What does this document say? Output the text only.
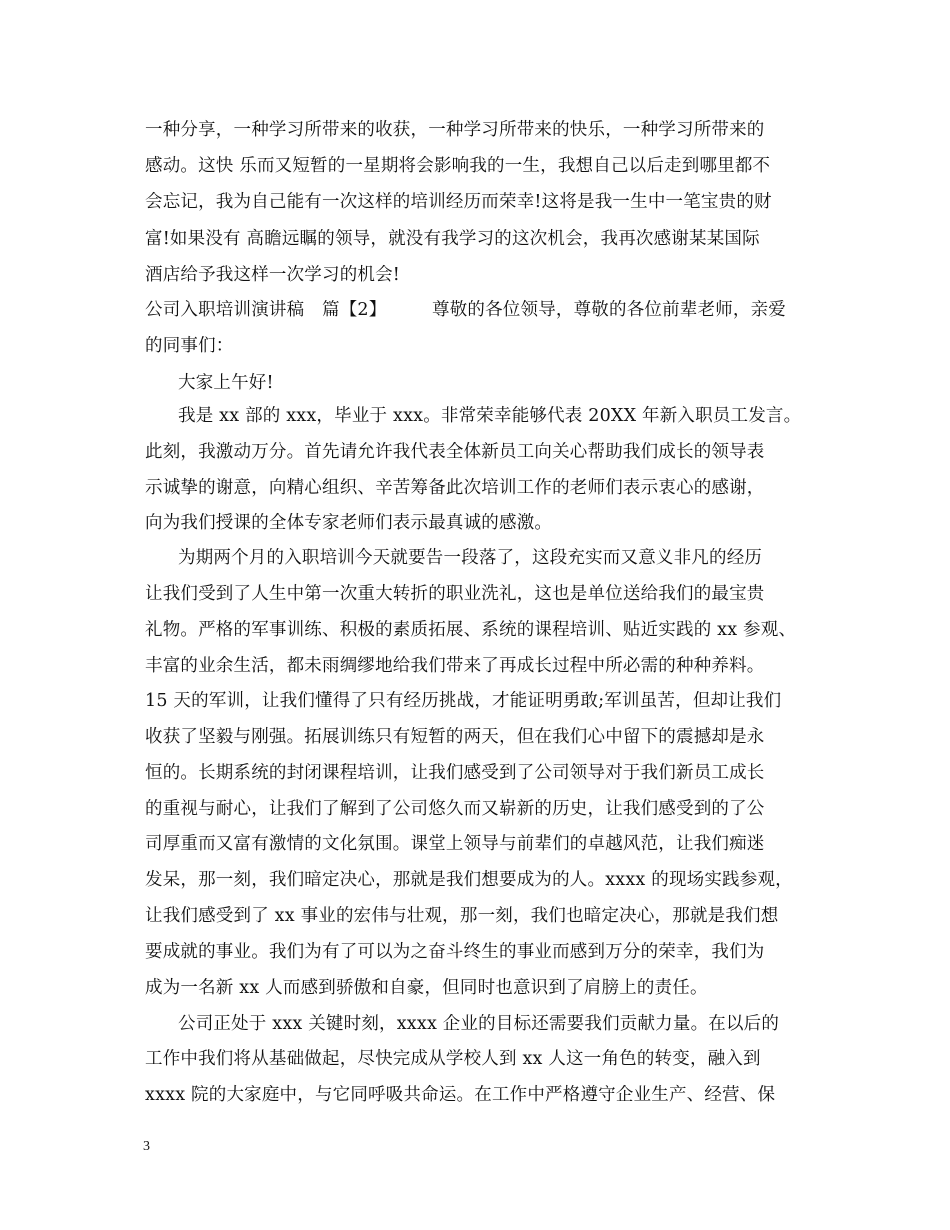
一种分享，一种学习所带来的收获，一种学习所带来的快乐，一种学习所带来的
感动。这快 乐而又短暂的一星期将会影响我的一生，我想自己以后走到哪里都不
会忘记，我为自己能有一次这样的培训经历而荣幸!这将是我一生中一笔宝贵的财
富!如果没有 高瞻远瞩的领导，就没有我学习的这次机会，我再次感谢某某国际
酒店给予我这样一次学习的机会!
公司入职培训演讲稿　篇【2】	尊敬的各位领导，尊敬的各位前辈老师，亲爱
的同事们：
大家上午好!
我是 xx 部的 xxx，毕业于 xxx。非常荣幸能够代表 20XX 年新入职员工发言。
此刻，我激动万分。首先请允许我代表全体新员工向关心帮助我们成长的领导表
示诚挚的谢意，向精心组织、辛苦筹备此次培训工作的老师们表示衷心的感谢，
向为我们授课的全体专家老师们表示最真诚的感激。
为期两个月的入职培训今天就要告一段落了，这段充实而又意义非凡的经历
让我们受到了人生中第一次重大转折的职业洗礼，这也是单位送给我们的最宝贵
礼物。严格的军事训练、积极的素质拓展、系统的课程培训、贴近实践的 xx 参观、
丰富的业余生活，都未雨绸缪地给我们带来了再成长过程中所必需的种种养料。
15 天的军训，让我们懂得了只有经历挑战，才能证明勇敢;军训虽苦，但却让我们
收获了坚毅与刚强。拓展训练只有短暂的两天，但在我们心中留下的震撼却是永
恒的。长期系统的封闭课程培训，让我们感受到了公司领导对于我们新员工成长
的重视与耐心，让我们了解到了公司悠久而又崭新的历史，让我们感受到的了公
司厚重而又富有激情的文化氛围。课堂上领导与前辈们的卓越风范，让我们痴迷
发呆，那一刻，我们暗定决心，那就是我们想要成为的人。xxxx 的现场实践参观，
让我们感受到了 xx 事业的宏伟与壮观，那一刻，我们也暗定决心，那就是我们想
要成就的事业。我们为有了可以为之奋斗终生的事业而感到万分的荣幸，我们为
成为一名新 xx 人而感到骄傲和自豪，但同时也意识到了肩膀上的责任。
公司正处于 xxx 关键时刻，xxxx 企业的目标还需要我们贡献力量。在以后的
工作中我们将从基础做起，尽快完成从学校人到 xx 人这一角色的转变，融入到
xxxx 院的大家庭中，与它同呼吸共命运。在工作中严格遵守企业生产、经营、保
3
